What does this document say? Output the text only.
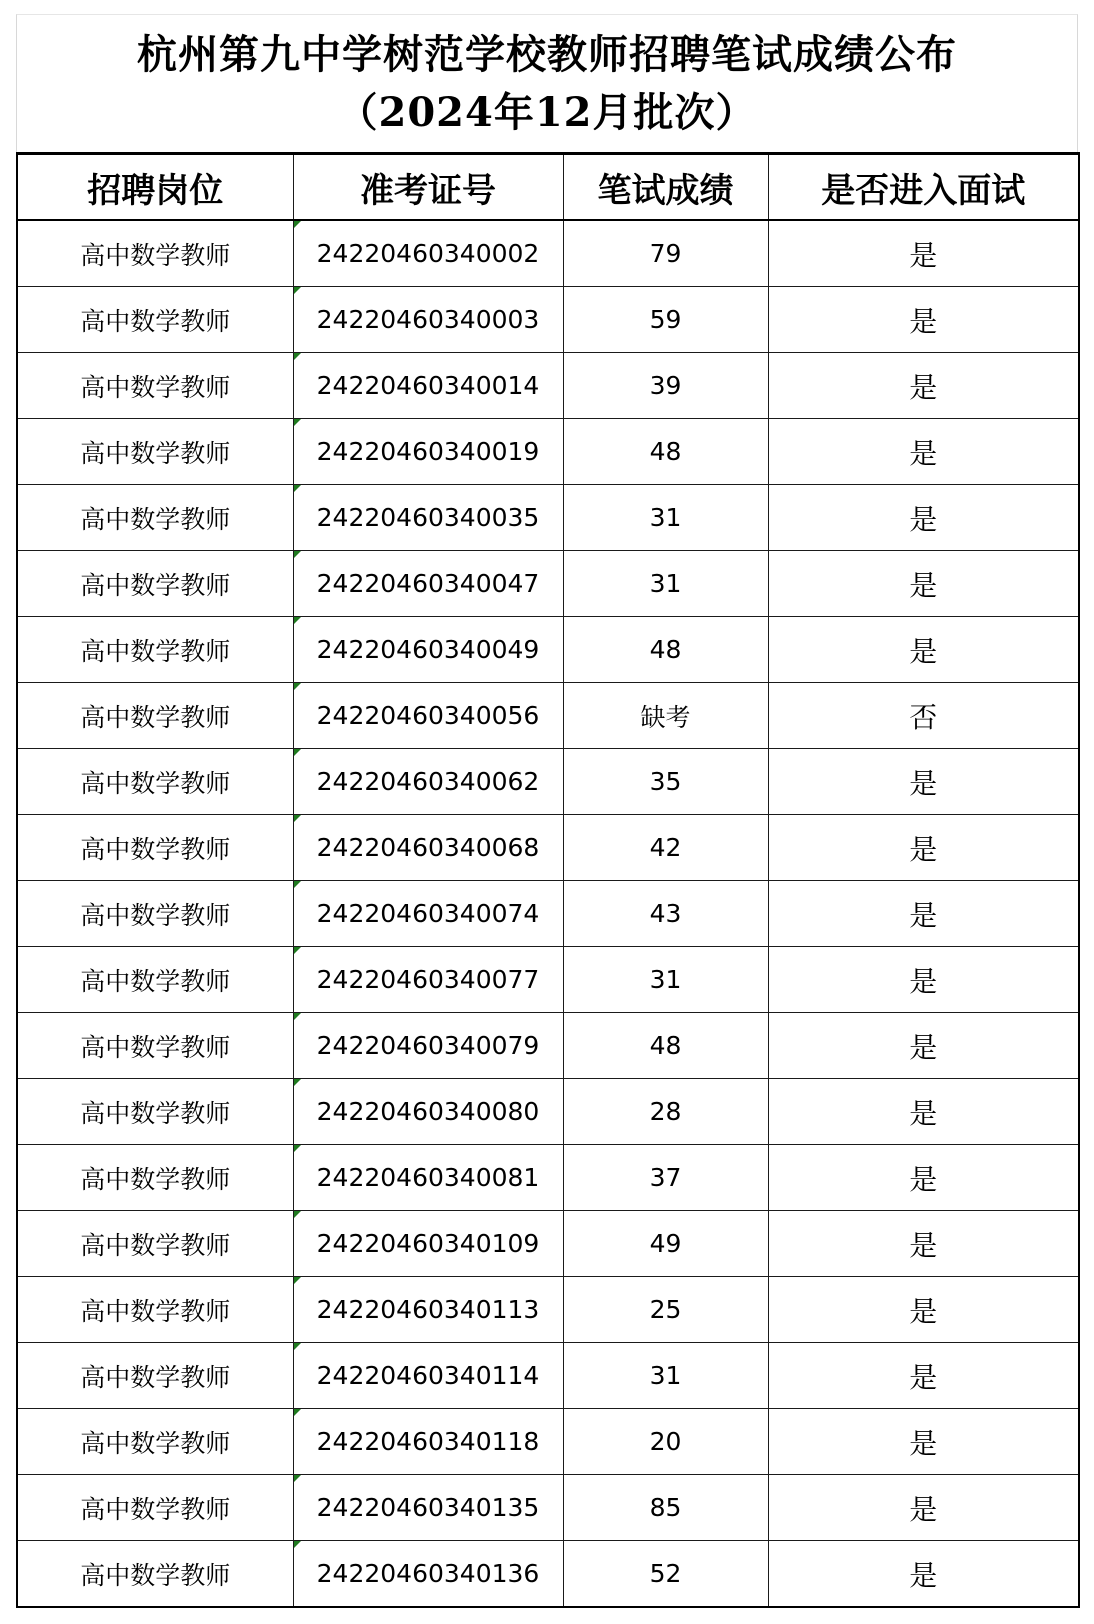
杭州第九中学树范学校教师招聘笔试成绩公布
（2024年12月批次）
招聘岗位	准考证号	笔试成绩	是否进入面试
高中数学教师	24220460340002	79	是
高中数学教师	24220460340003	59	是
高中数学教师	24220460340014	39	是
高中数学教师	24220460340019	48	是
高中数学教师	24220460340035	31	是
高中数学教师	24220460340047	31	是
高中数学教师	24220460340049	48	是
高中数学教师	24220460340056	缺考	否
高中数学教师	24220460340062	35	是
高中数学教师	24220460340068	42	是
高中数学教师	24220460340074	43	是
高中数学教师	24220460340077	31	是
高中数学教师	24220460340079	48	是
高中数学教师	24220460340080	28	是
高中数学教师	24220460340081	37	是
高中数学教师	24220460340109	49	是
高中数学教师	24220460340113	25	是
高中数学教师	24220460340114	31	是
高中数学教师	24220460340118	20	是
高中数学教师	24220460340135	85	是
高中数学教师	24220460340136	52	是
